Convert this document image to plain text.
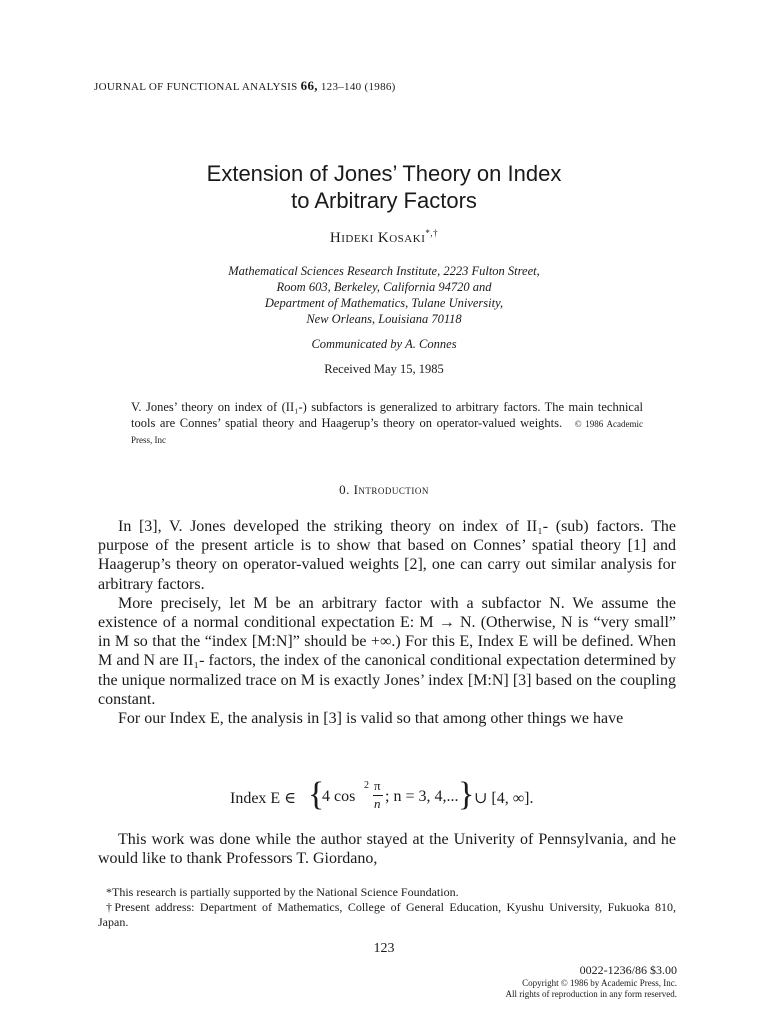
JOURNAL OF FUNCTIONAL ANALYSIS 66, 123–140 (1986)
Extension of Jones’ Theory on Index
to Arbitrary Factors
Hideki Kosaki*,†
Mathematical Sciences Research Institute, 2223 Fulton Street,
Room 603, Berkeley, California 94720 and
Department of Mathematics, Tulane University,
New Orleans, Louisiana 70118
Communicated by A. Connes
Received May 15, 1985
V. Jones’ theory on index of (II₁-) subfactors is generalized to arbitrary factors. The main technical tools are Connes’ spatial theory and Haagerup’s theory on operator-valued weights. © 1986 Academic Press, Inc
0. Introduction

In [3], V. Jones developed the striking theory on index of II₁- (sub) factors. The purpose of the present article is to show that based on Connes’ spatial theory [1] and Haagerup’s theory on operator-valued weights [2], one can carry out similar analysis for arbitrary factors.

More precisely, let M be an arbitrary factor with a subfactor N. We assume the existence of a normal conditional expectation E: M → N. (Otherwise, N is “very small” in M so that the “index [M:N]” should be +∞.) For this E, Index E will be defined. When M and N are II₁- factors, the index of the canonical conditional expectation determined by the unique normalized trace on M is exactly Jones’ index [M:N] [3] based on the coupling constant.

For our Index E, the analysis in [3] is valid so that among other things we have

Index E ∈ {
4 cos
2 π
n ; n = 3, 4,... } ∪ [4, ∞].

This work was done while the author stayed at the Univerity of Pennsylvania, and he would like to thank Professors T. Giordano,

*This research is partially supported by the National Science Foundation.

†Present address: Department of Mathematics, College of General Education, Kyushu University, Fukuoka 810, Japan.

123
0022-1236/86 $3.00
Copyright © 1986 by Academic Press, Inc.
All rights of reproduction in any form reserved.
